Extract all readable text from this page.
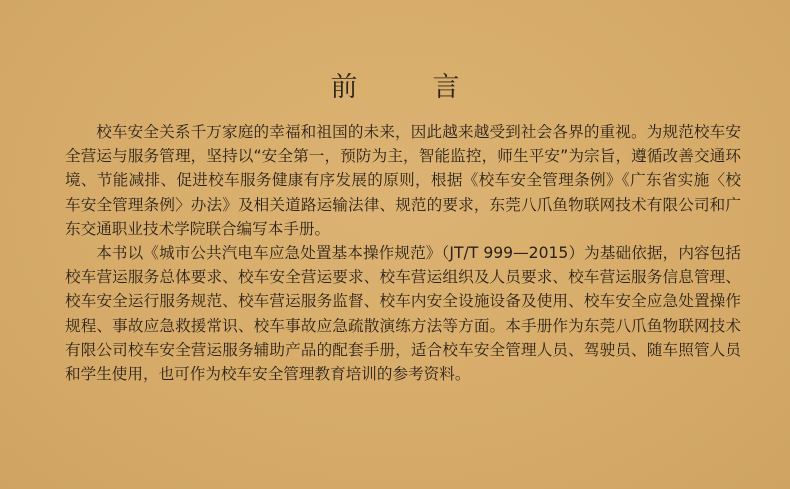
前　言

校车安全关系千万家庭的幸福和祖国的未来，因此越来越受到社会各界的重视。为规范校车安全营运与服务管理，坚持以“安全第一，预防为主，智能监控，师生平安”为宗旨，遵循改善交通环境、节能减排、促进校车服务健康有序发展的原则，根据《校车安全管理条例》《广东省实施〈校车安全管理条例〉办法》及相关道路运输法律、规范的要求，东莞八爪鱼物联网技术有限公司和广东交通职业技术学院联合编写本手册。

本书以《城市公共汽电车应急处置基本操作规范》（JT/T 999—2015）为基础依据，内容包括校车营运服务总体要求、校车安全营运要求、校车营运组织及人员要求、校车营运服务信息管理、校车安全运行服务规范、校车营运服务监督、校车内安全设施设备及使用、校车安全应急处置操作规程、事故应急救援常识、校车事故应急疏散演练方法等方面。本手册作为东莞八爪鱼物联网技术有限公司校车安全营运服务辅助产品的配套手册，适合校车安全管理人员、驾驶员、随车照管人员和学生使用，也可作为校车安全管理教育培训的参考资料。
